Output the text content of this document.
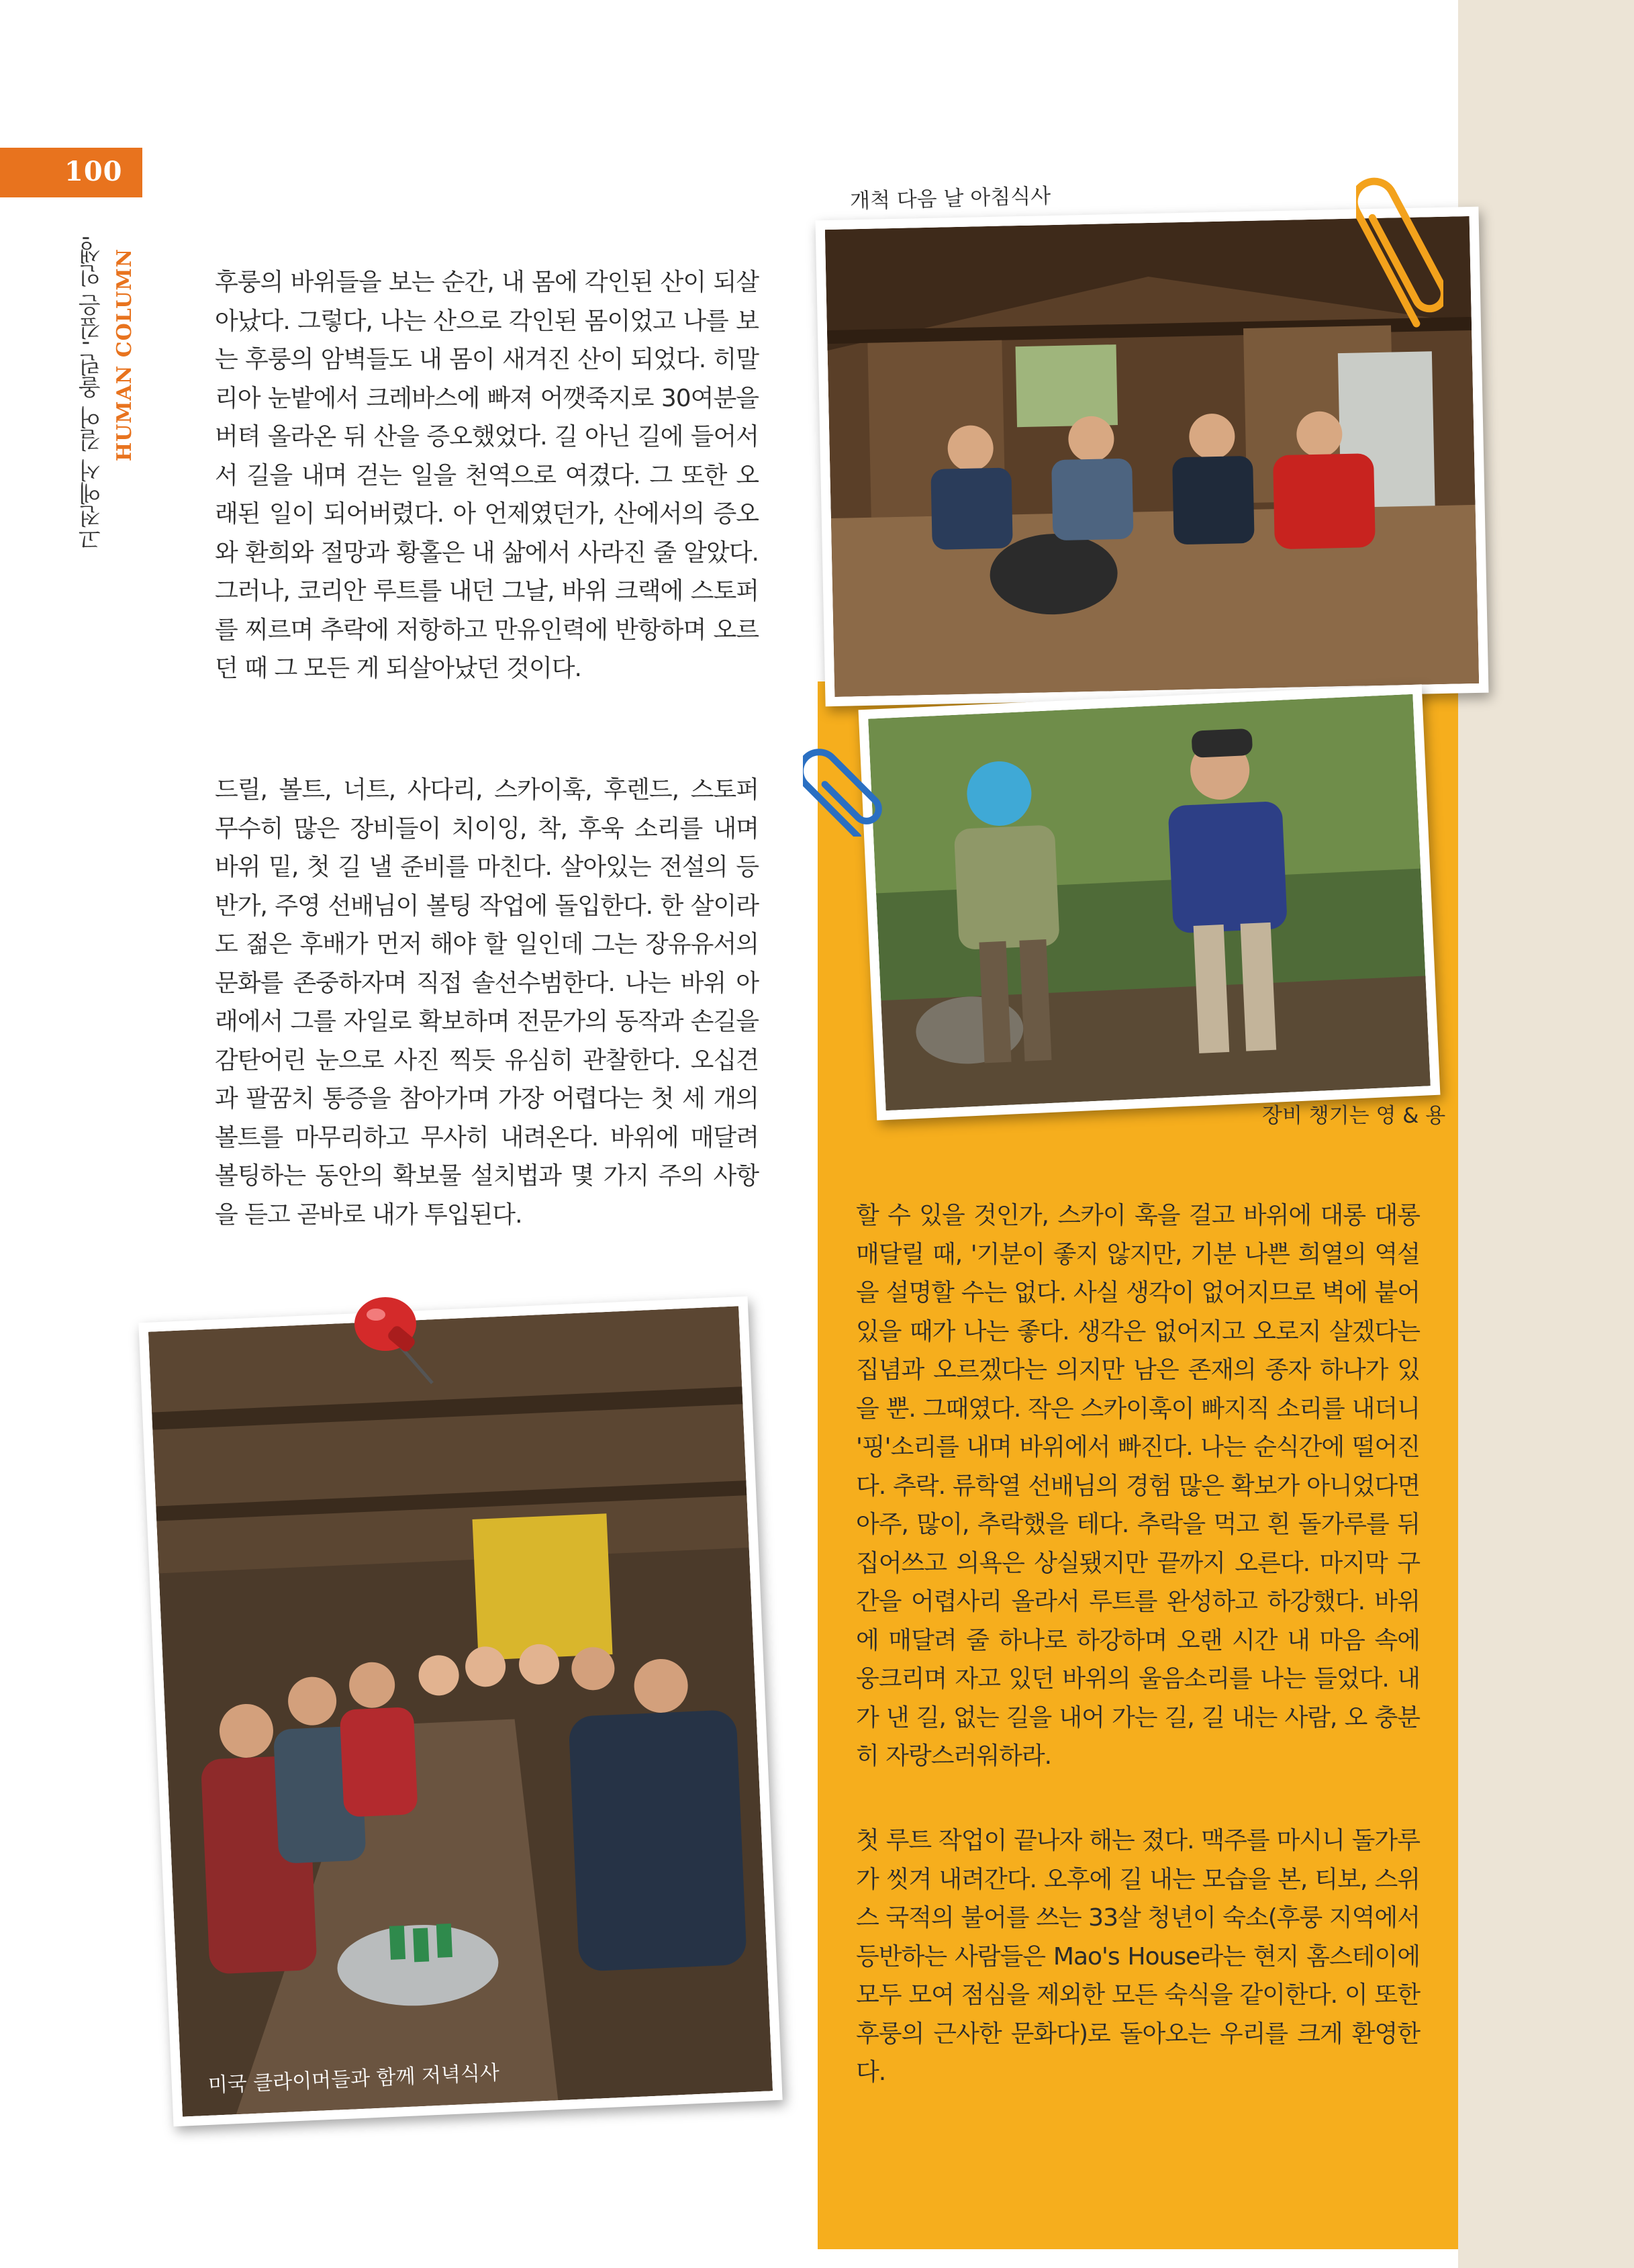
100
고전에서 길어 올린 '깊은 인생' HUMAN COLUMN	후룽의 바위들을 보는 순간, 내 몸에 각인된 산이 되살아났다. 그렇다, 나는 산으로 각인된 몸이었고 나를 보는 후룽의 암벽들도 내 몸이 새겨진 산이 되었다. 히말리아 눈밭에서 크레바스에 빠져 어깻죽지로 30여분을 버텨 올라온 뒤 산을 증오했었다. 길 아닌 길에 들어서서 길을 내며 걷는 일을 천역으로 여겼다. 그 또한 오래된 일이 되어버렸다. 아 언제였던가, 산에서의 증오와 환희와 절망과 황홀은 내 삶에서 사라진 줄 알았다. 그러나, 코리안 루트를 내던 그날, 바위 크랙에 스토퍼를 찌르며 추락에 저항하고 만유인력에 반항하며 오르던 때 그 모든 게 되살아났던 것이다.

드릴, 볼트, 너트, 사다리, 스카이훅, 후렌드, 스토퍼 무수히 많은 장비들이 치이잉, 착, 후욱 소리를 내며 바위 밑, 첫 길 낼 준비를 마친다. 살아있는 전설의 등반가, 주영 선배님이 볼팅 작업에 돌입한다. 한 살이라도 젊은 후배가 먼저 해야 할 일인데 그는 장유유서의 문화를 존중하자며 직접 솔선수범한다. 나는 바위 아래에서 그를 자일로 확보하며 전문가의 동작과 손길을 감탄어린 눈으로 사진 찍듯 유심히 관찰한다. 오십견과 팔꿈치 통증을 참아가며 가장 어렵다는 첫 세 개의 볼트를 마무리하고 무사히 내려온다. 바위에 매달려 볼팅하는 동안의 확보물 설치법과 몇 가지 주의 사항을 듣고 곧바로 내가 투입된다.	할 수 있을 것인가, 스카이 훅을 걸고 바위에 대롱 대롱 매달릴 때, '기분이 좋지 않지만, 기분 나쁜 희열의 역설을 설명할 수는 없다. 사실 생각이 없어지므로 벽에 붙어 있을 때가 나는 좋다. 생각은 없어지고 오로지 살겠다는 집념과 오르겠다는 의지만 남은 존재의 종자 하나가 있을 뿐. 그때였다. 작은 스카이훅이 빠지직 소리를 내더니 '핑'소리를 내며 바위에서 빠진다. 나는 순식간에 떨어진다. 추락. 류학열 선배님의 경험 많은 확보가 아니었다면 아주, 많이, 추락했을 테다. 추락을 먹고 흰 돌가루를 뒤집어쓰고 의욕은 상실됐지만 끝까지 오른다. 마지막 구간을 어렵사리 올라서 루트를 완성하고 하강했다. 바위에 매달려 줄 하나로 하강하며 오랜 시간 내 마음 속에 웅크리며 자고 있던 바위의 울음소리를 나는 들었다. 내가 낸 길, 없는 길을 내어 가는 길, 길 내는 사람, 오 충분히 자랑스러워하라.

첫 루트 작업이 끝나자 해는 졌다. 맥주를 마시니 돌가루가 씻겨 내려간다. 오후에 길 내는 모습을 본, 티보, 스위스 국적의 불어를 쓰는 33살 청년이 숙소(후룽 지역에서 등반하는 사람들은 Mao's House라는 현지 홈스테이에 모두 모여 점심을 제외한 모든 숙식을 같이한다. 이 또한 후룽의 근사한 문화다)로 돌아오는 우리를 크게 환영한다.

개척 다음 날 아침식사
장비 챙기는 영 & 용
미국 클라이머들과 함께 저녁식사
